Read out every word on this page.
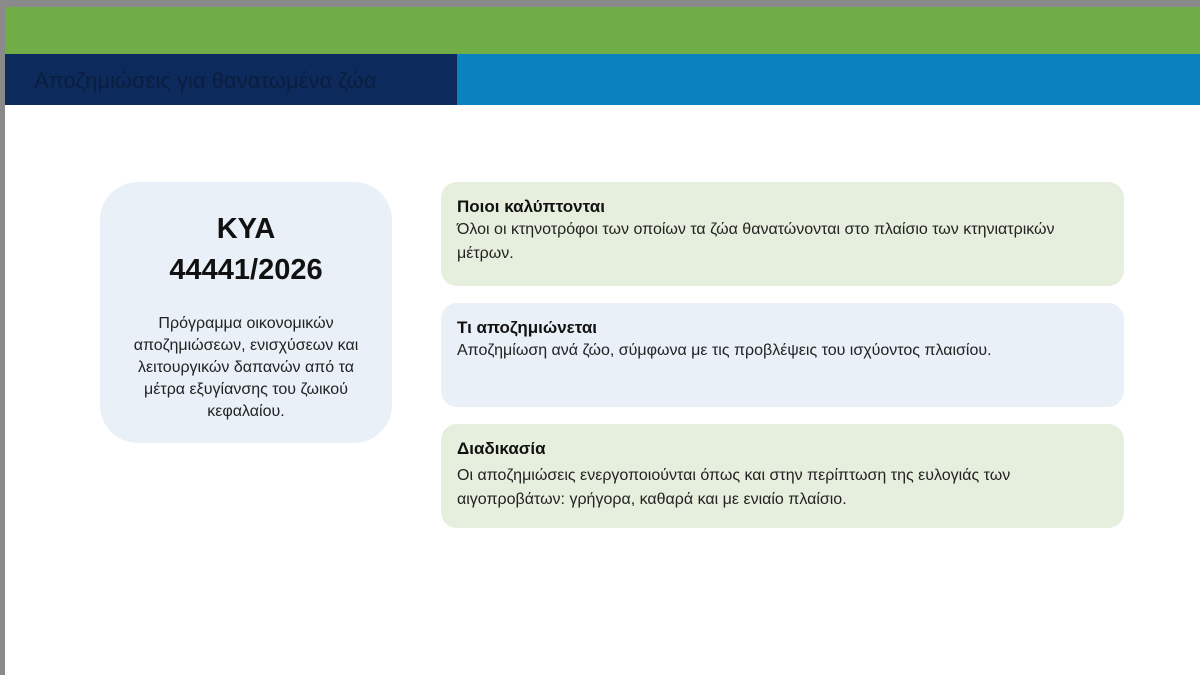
Αποζημιώσεις για θανατωμένα ζώα
ΚΥΑ
44441/2026
Πρόγραμμα οικονομικών αποζημιώσεων, ενισχύσεων και λειτουργικών δαπανών από τα μέτρα εξυγίανσης του ζωικού κεφαλαίου.
Ποιοι καλύπτονται
Όλοι οι κτηνοτρόφοι των οποίων τα ζώα θανατώνονται στο πλαίσιο των κτηνιατρικών μέτρων.
Τι αποζημιώνεται
Αποζημίωση ανά ζώο, σύμφωνα με τις προβλέψεις του ισχύοντος πλαισίου.
Διαδικασία
Οι αποζημιώσεις ενεργοποιούνται όπως και στην περίπτωση της ευλογιάς των αιγοπροβάτων: γρήγορα, καθαρά και με ενιαίο πλαίσιο.
